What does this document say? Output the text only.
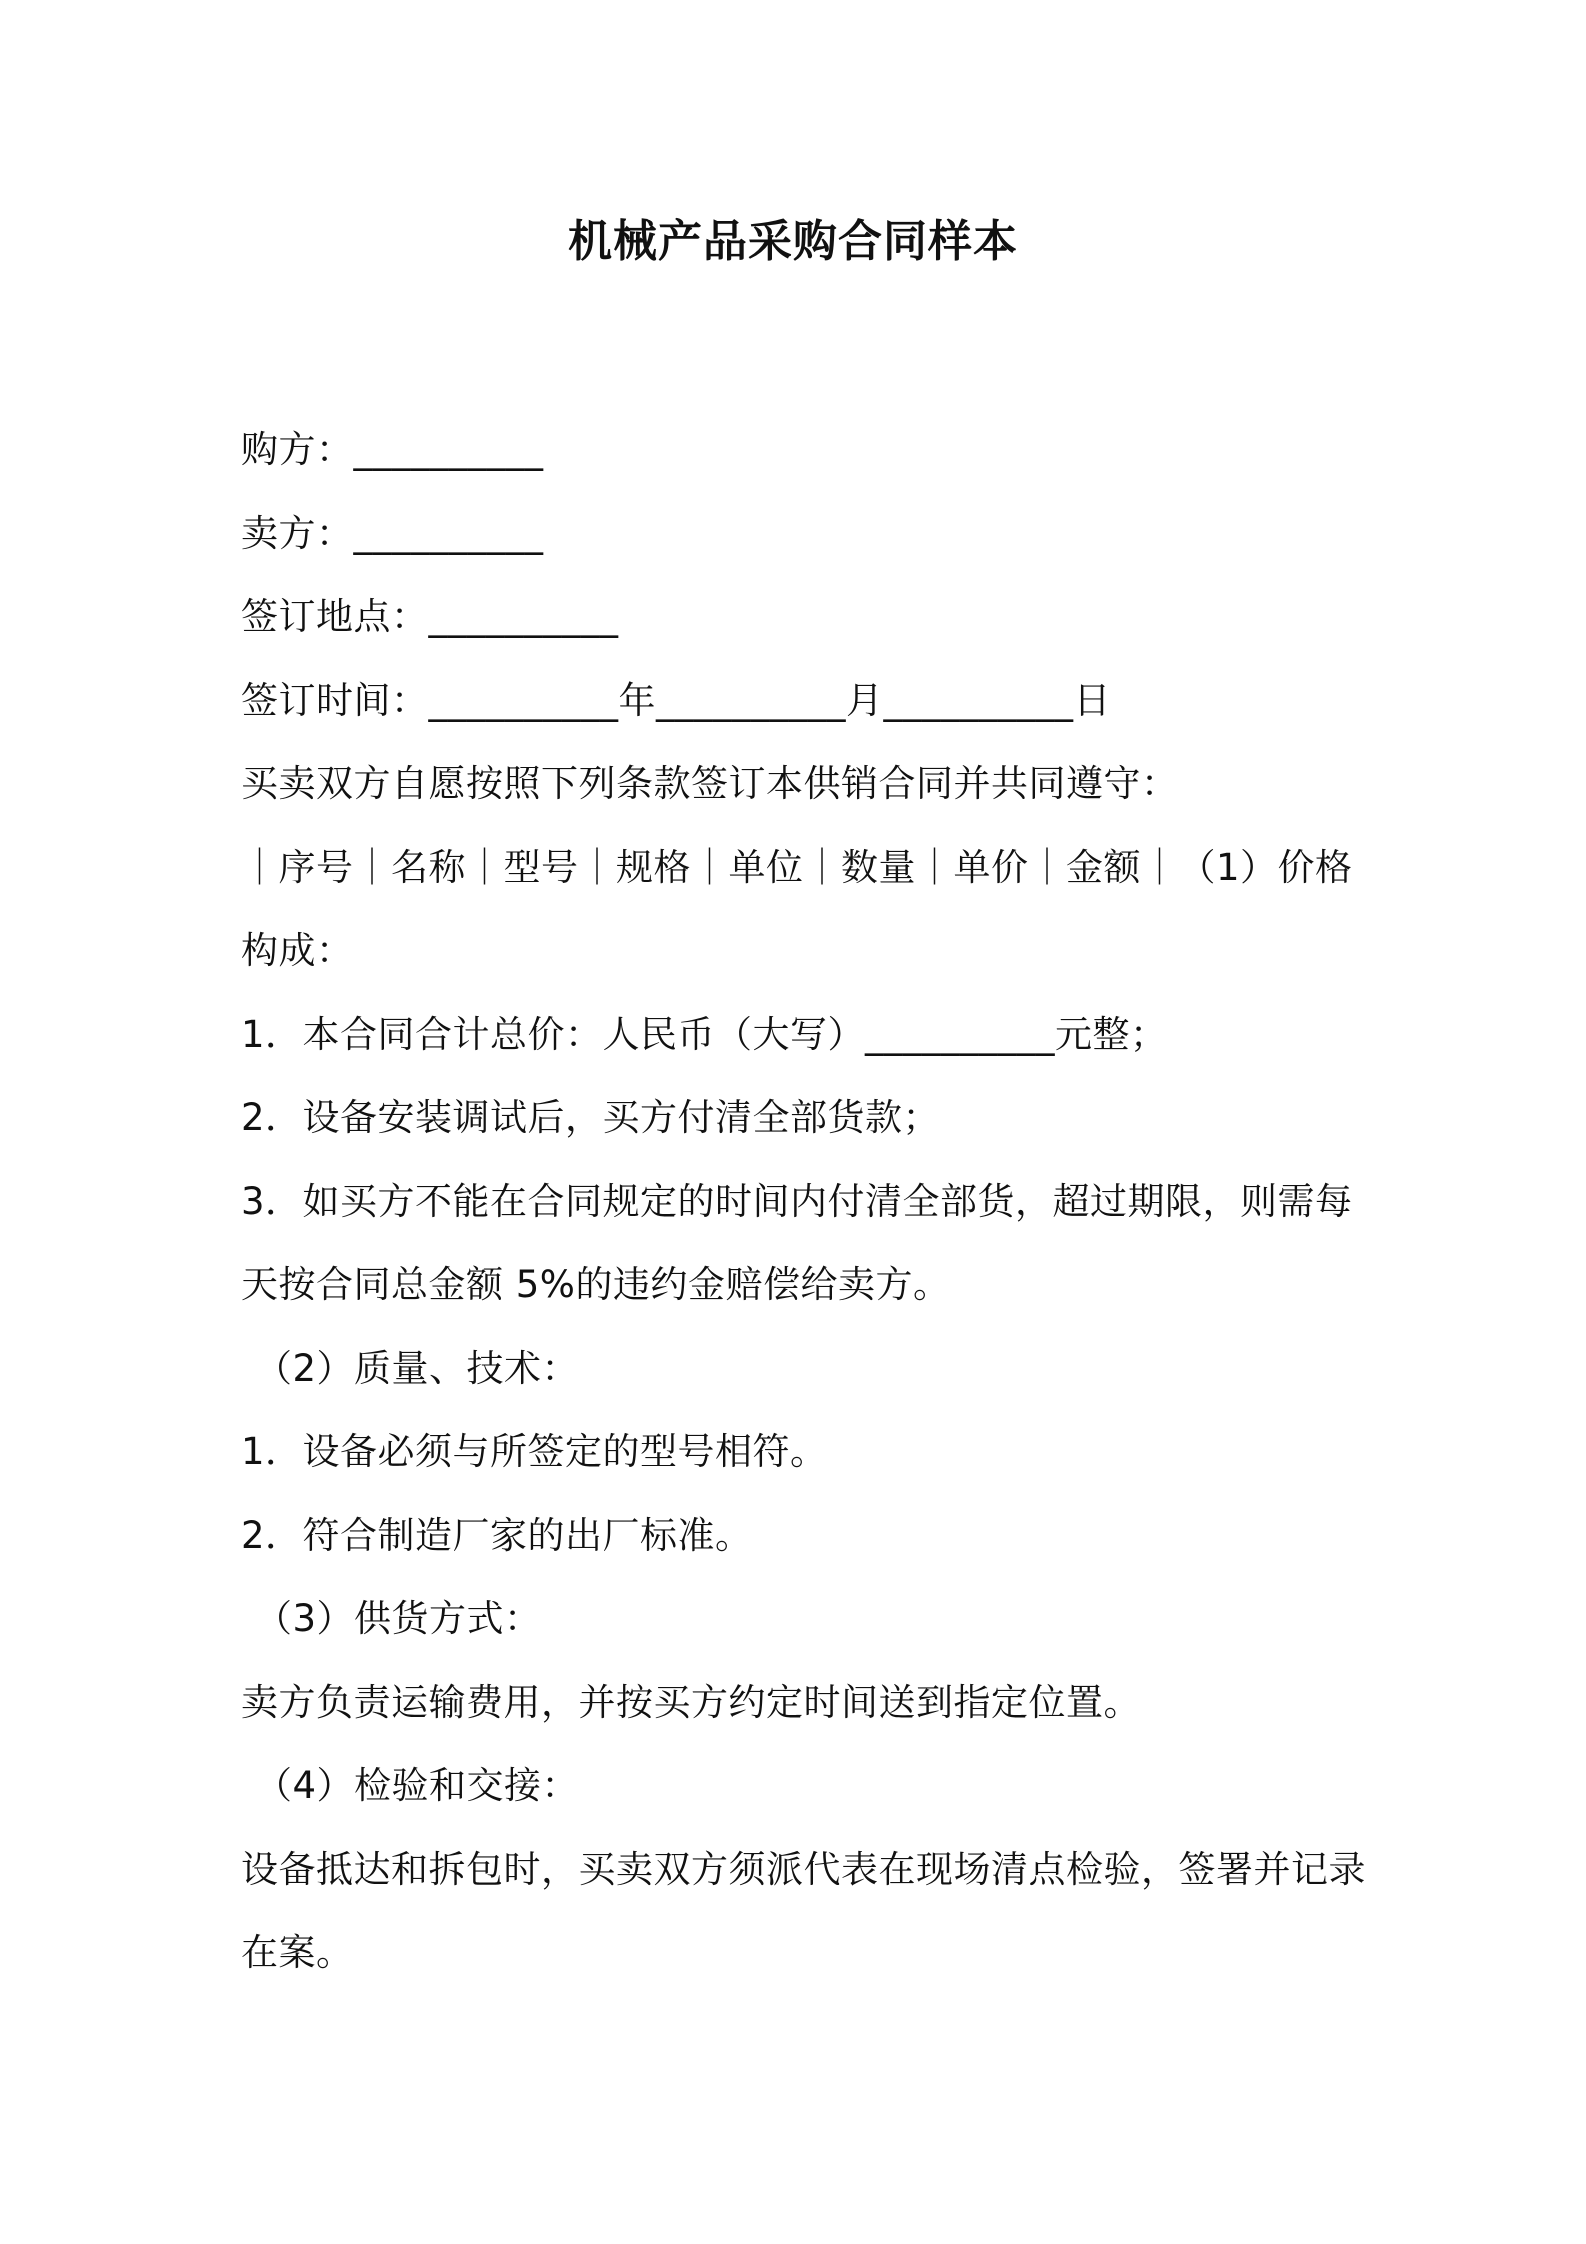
机械产品采购合同样本
购方：__________
卖方：__________
签订地点：__________
签订时间：__________年__________月__________日
买卖双方自愿按照下列条款签订本供销合同并共同遵守：
｜序号｜名称｜型号｜规格｜单位｜数量｜单价｜金额｜（1）价格
构成：
1．本合同合计总价：人民币（大写）__________元整；
2．设备安装调试后，买方付清全部货款；
3．如买方不能在合同规定的时间内付清全部货，超过期限，则需每
天按合同总金额 5%的违约金赔偿给卖方。
（2）质量、技术：
1．设备必须与所签定的型号相符。
2．符合制造厂家的出厂标准。
（3）供货方式：
卖方负责运输费用，并按买方约定时间送到指定位置。
（4）检验和交接：
设备抵达和拆包时，买卖双方须派代表在现场清点检验，签署并记录
在案。
